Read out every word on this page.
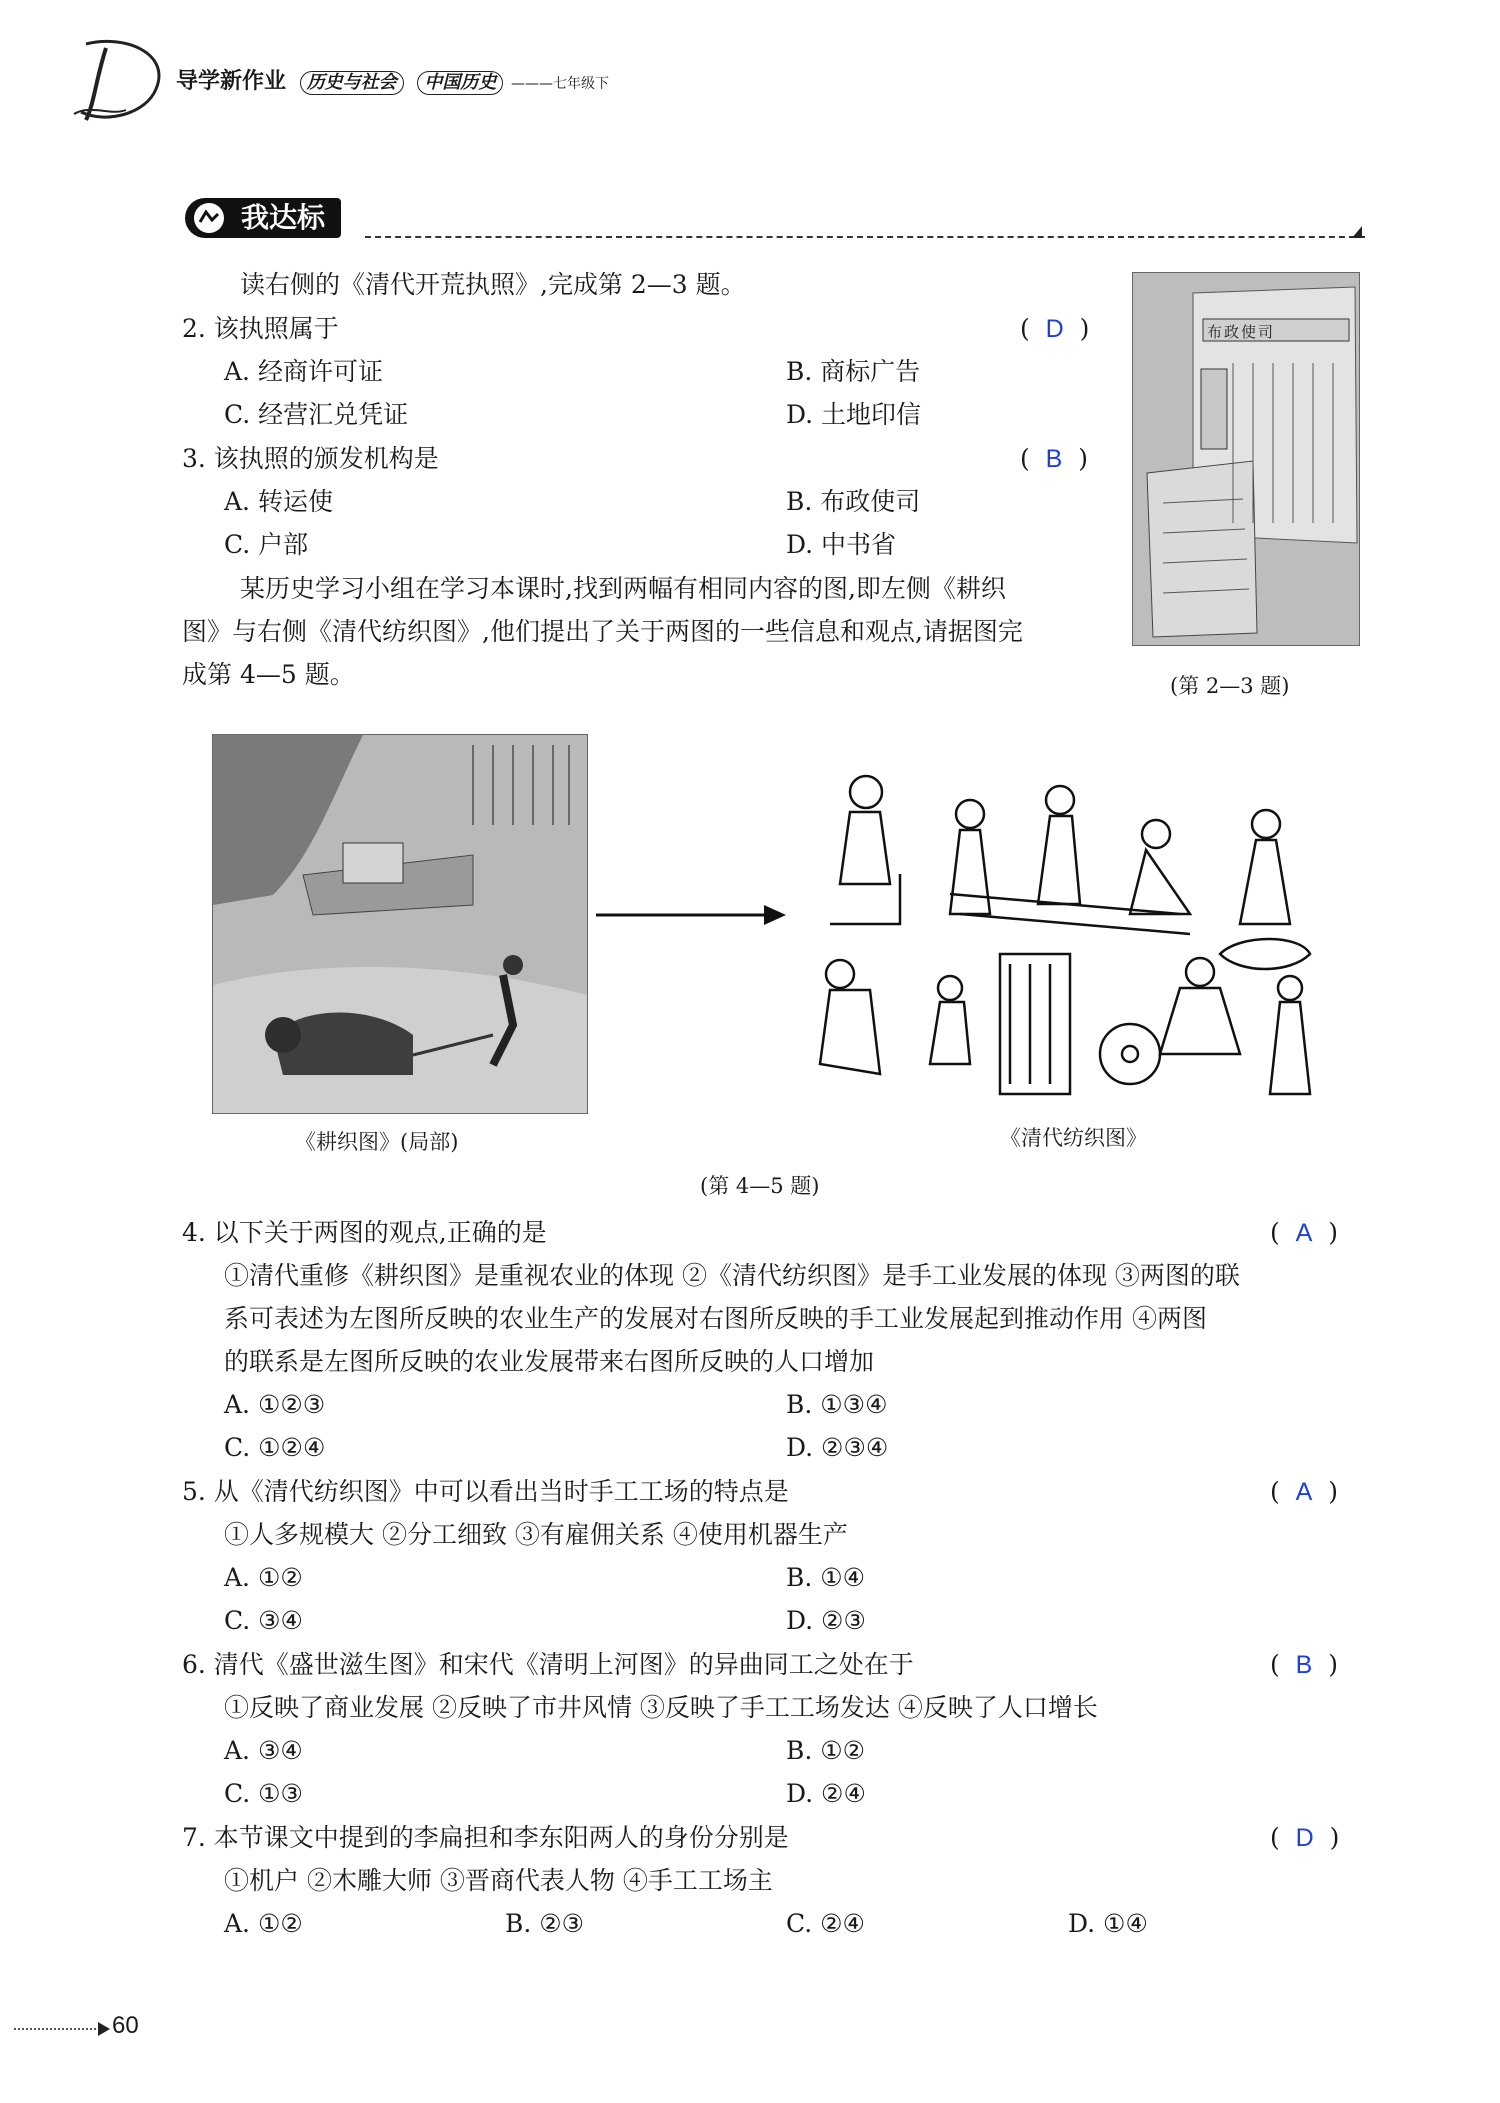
导学新作业 历史与社会 中国历史 ———七年级下
我达标
读右侧的《清代开荒执照》,完成第 2—3 题。
2. 该执照属于	(  D  )
A. 经商许可证	B. 商标广告
C. 经营汇兑凭证	D. 土地印信
3. 该执照的颁发机构是	(  B  )
A. 转运使	B. 布政使司
C. 户部	D. 中书省
某历史学习小组在学习本课时,找到两幅有相同内容的图,即左侧《耕织
图》与右侧《清代纺织图》,他们提出了关于两图的一些信息和观点,请据图完
成第 4—5 题。
布政使司
(第 2—3 题)
《耕织图》(局部)	《清代纺织图》
(第 4—5 题)
4. 以下关于两图的观点,正确的是	(  A  )
①清代重修《耕织图》是重视农业的体现 ②《清代纺织图》是手工业发展的体现 ③两图的联
系可表述为左图所反映的农业生产的发展对右图所反映的手工业发展起到推动作用 ④两图
的联系是左图所反映的农业发展带来右图所反映的人口增加
A. ①②③	B. ①③④
C. ①②④	D. ②③④
5. 从《清代纺织图》中可以看出当时手工工场的特点是	(  A  )
①人多规模大 ②分工细致 ③有雇佣关系 ④使用机器生产
A. ①②	B. ①④
C. ③④	D. ②③
6. 清代《盛世滋生图》和宋代《清明上河图》的异曲同工之处在于	(  B  )
①反映了商业发展 ②反映了市井风情 ③反映了手工工场发达 ④反映了人口增长
A. ③④	B. ①②
C. ①③	D. ②④
7. 本节课文中提到的李扁担和李东阳两人的身份分别是	(  D  )
①机户 ②木雕大师 ③晋商代表人物 ④手工工场主
A. ①②	B. ②③	C. ②④	D. ①④
60
